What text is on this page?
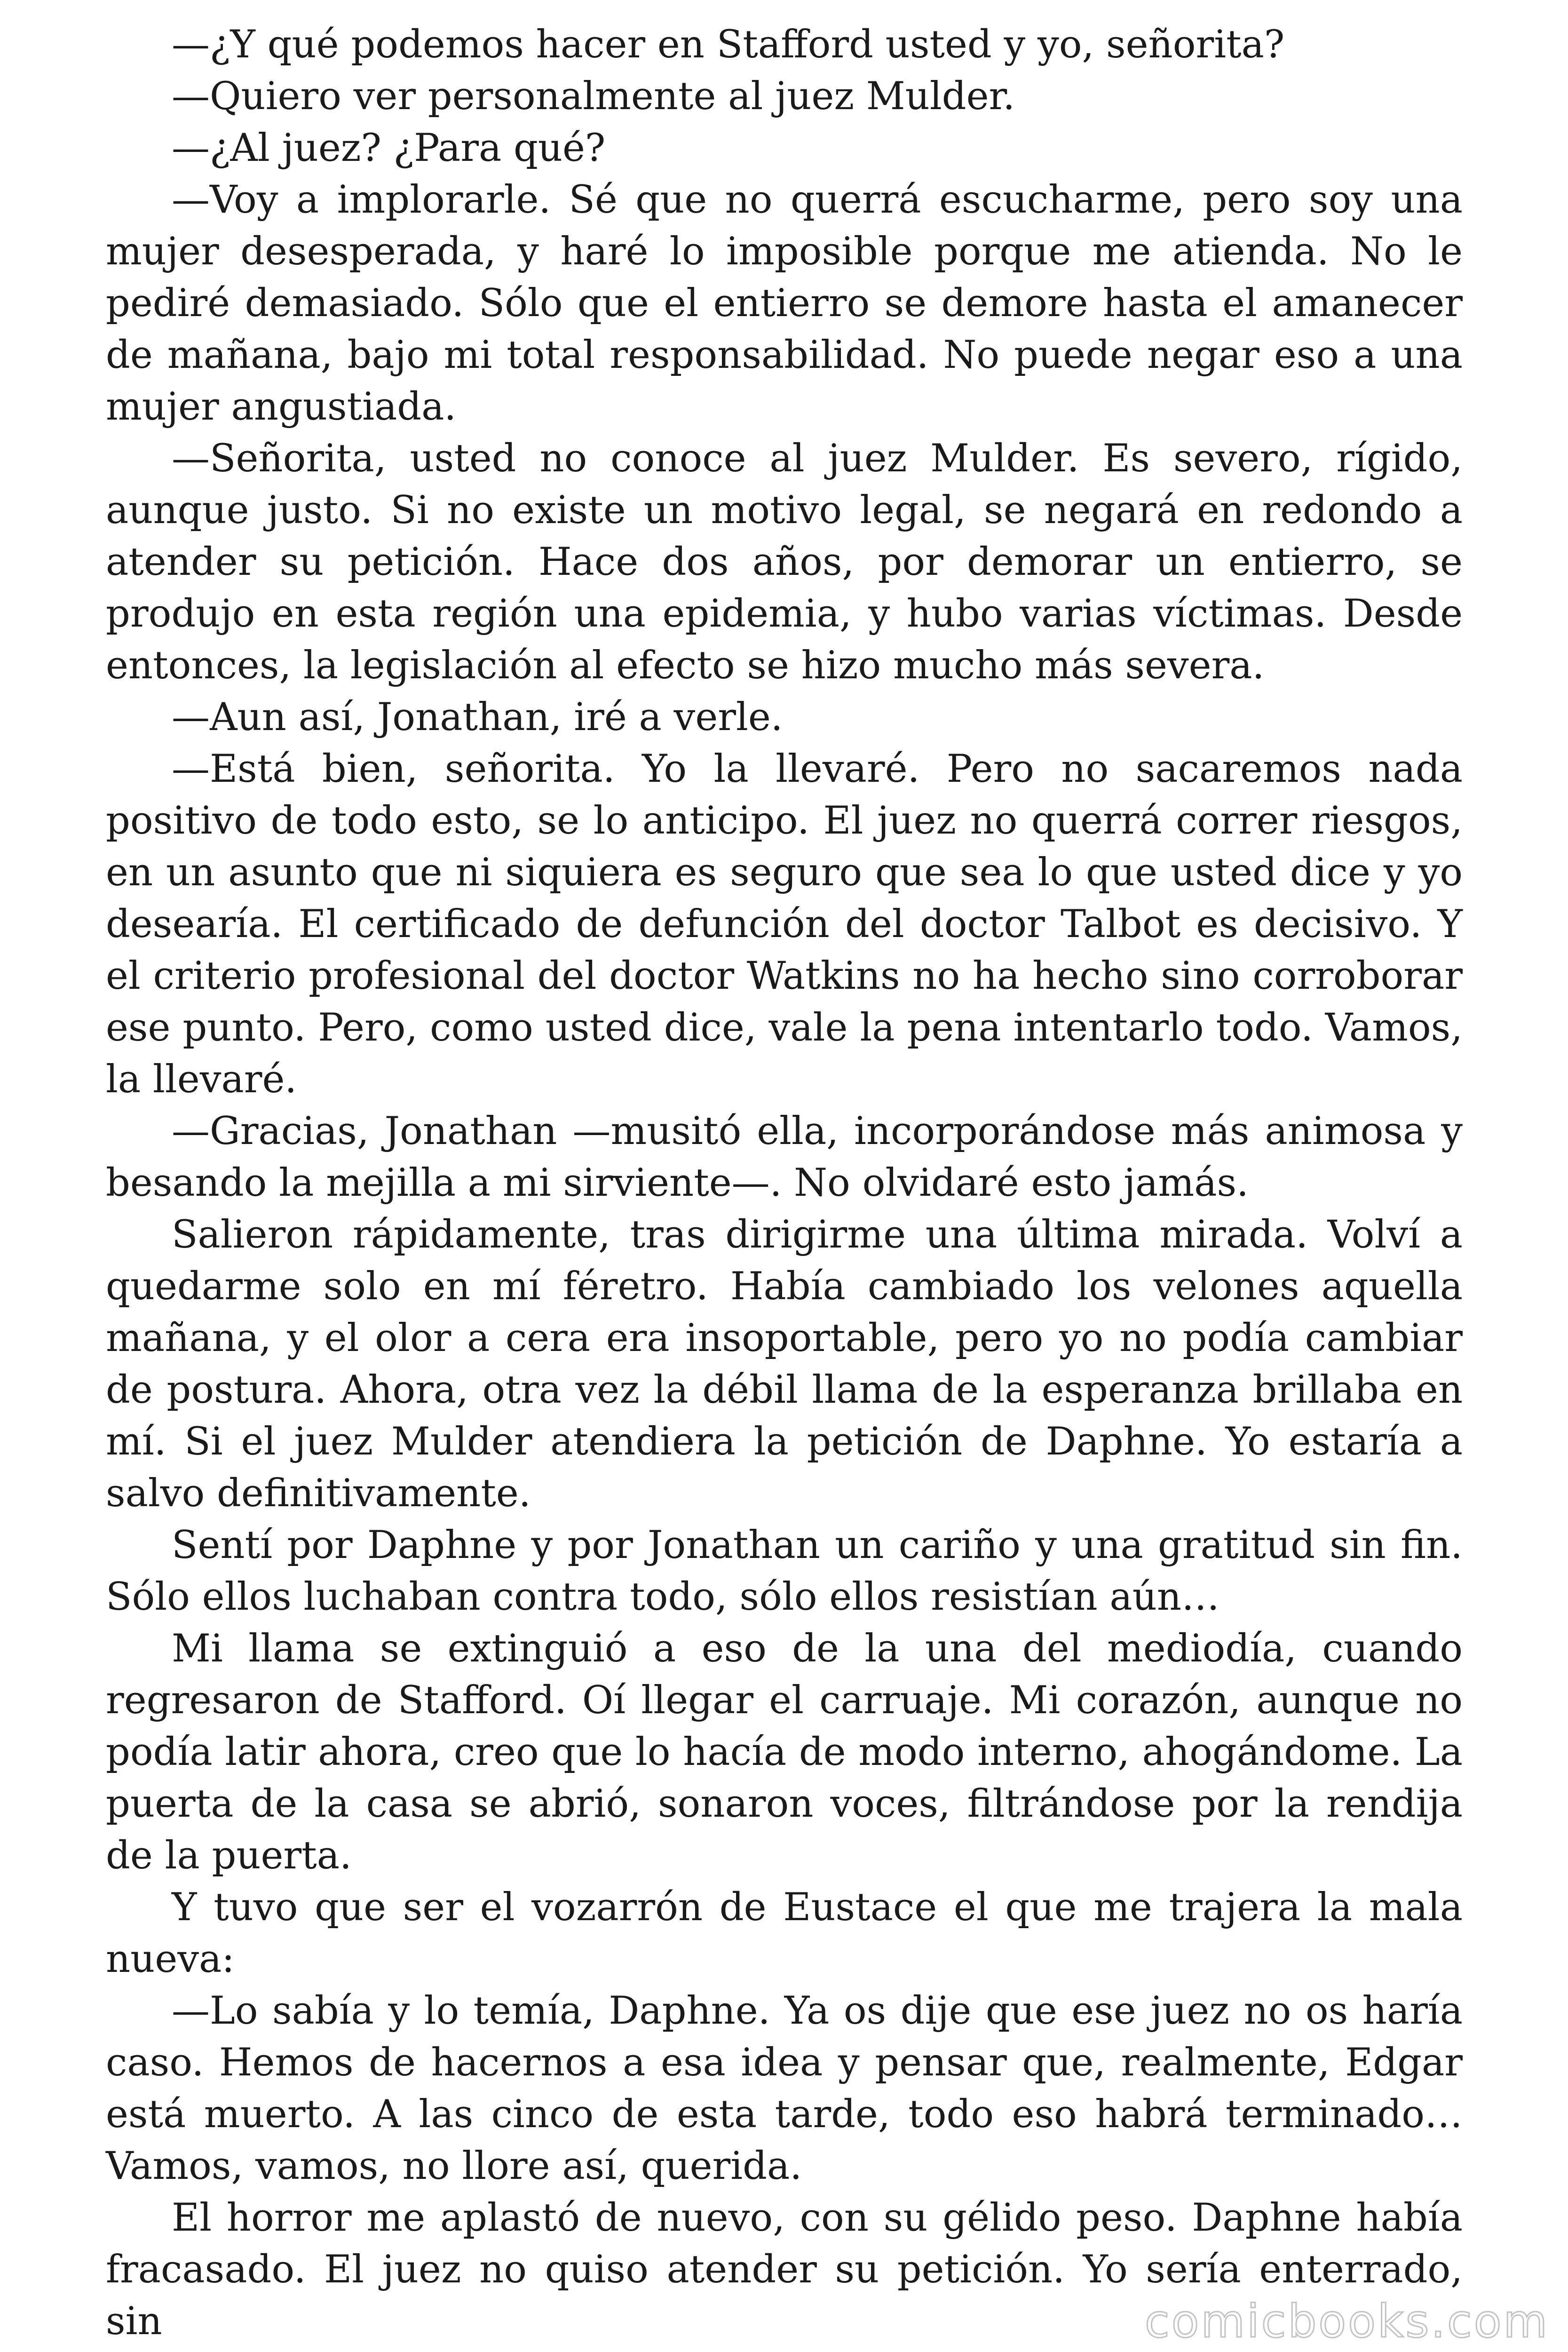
—¿Y qué podemos hacer en Stafford usted y yo, señorita?

—Quiero ver personalmente al juez Mulder.

—¿Al juez? ¿Para qué?

—Voy a implorarle. Sé que no querrá escucharme, pero soy una mujer desesperada, y haré lo imposible porque me atienda. No le pediré demasiado. Sólo que el entierro se demore hasta el amanecer de mañana, bajo mi total responsabilidad. No puede negar eso a una mujer angustiada.

—Señorita, usted no conoce al juez Mulder. Es severo, rígido, aunque justo. Si no existe un motivo legal, se negará en redondo a atender su petición. Hace dos años, por demorar un entierro, se produjo en esta región una epidemia, y hubo varias víctimas. Desde entonces, la legislación al efecto se hizo mucho más severa.

—Aun así, Jonathan, iré a verle.

—Está bien, señorita. Yo la llevaré. Pero no sacaremos nada positivo de todo esto, se lo anticipo. El juez no querrá correr riesgos, en un asunto que ni siquiera es seguro que sea lo que usted dice y yo desearía. El certificado de defunción del doctor Talbot es decisivo. Y el criterio profesional del doctor Watkins no ha hecho sino corroborar ese punto. Pero, como usted dice, vale la pena intentarlo todo. Vamos, la llevaré.

—Gracias, Jonathan —musitó ella, incorporándose más animosa y besando la mejilla a mi sirviente—. No olvidaré esto jamás.

Salieron rápidamente, tras dirigirme una última mirada. Volví a quedarme solo en mí féretro. Había cambiado los velones aquella mañana, y el olor a cera era insoportable, pero yo no podía cambiar de postura. Ahora, otra vez la débil llama de la esperanza brillaba en mí. Si el juez Mulder atendiera la petición de Daphne. Yo estaría a salvo definitivamente.

Sentí por Daphne y por Jonathan un cariño y una gratitud sin fin. Sólo ellos luchaban contra todo, sólo ellos resistían aún…

Mi llama se extinguió a eso de la una del mediodía, cuando regresaron de Stafford. Oí llegar el carruaje. Mi corazón, aunque no podía latir ahora, creo que lo hacía de modo interno, ahogándome. La puerta de la casa se abrió, sonaron voces, filtrándose por la rendija de la puerta.

Y tuvo que ser el vozarrón de Eustace el que me trajera la mala nueva:

—Lo sabía y lo temía, Daphne. Ya os dije que ese juez no os haría caso. Hemos de hacernos a esa idea y pensar que, realmente, Edgar está muerto. A las cinco de esta tarde, todo eso habrá terminado… Vamos, vamos, no llore así, querida.

El horror me aplastó de nuevo, con su gélido peso. Daphne había fracasado. El juez no quiso atender su petición. Yo sería enterrado, sin	comicbooks.com
